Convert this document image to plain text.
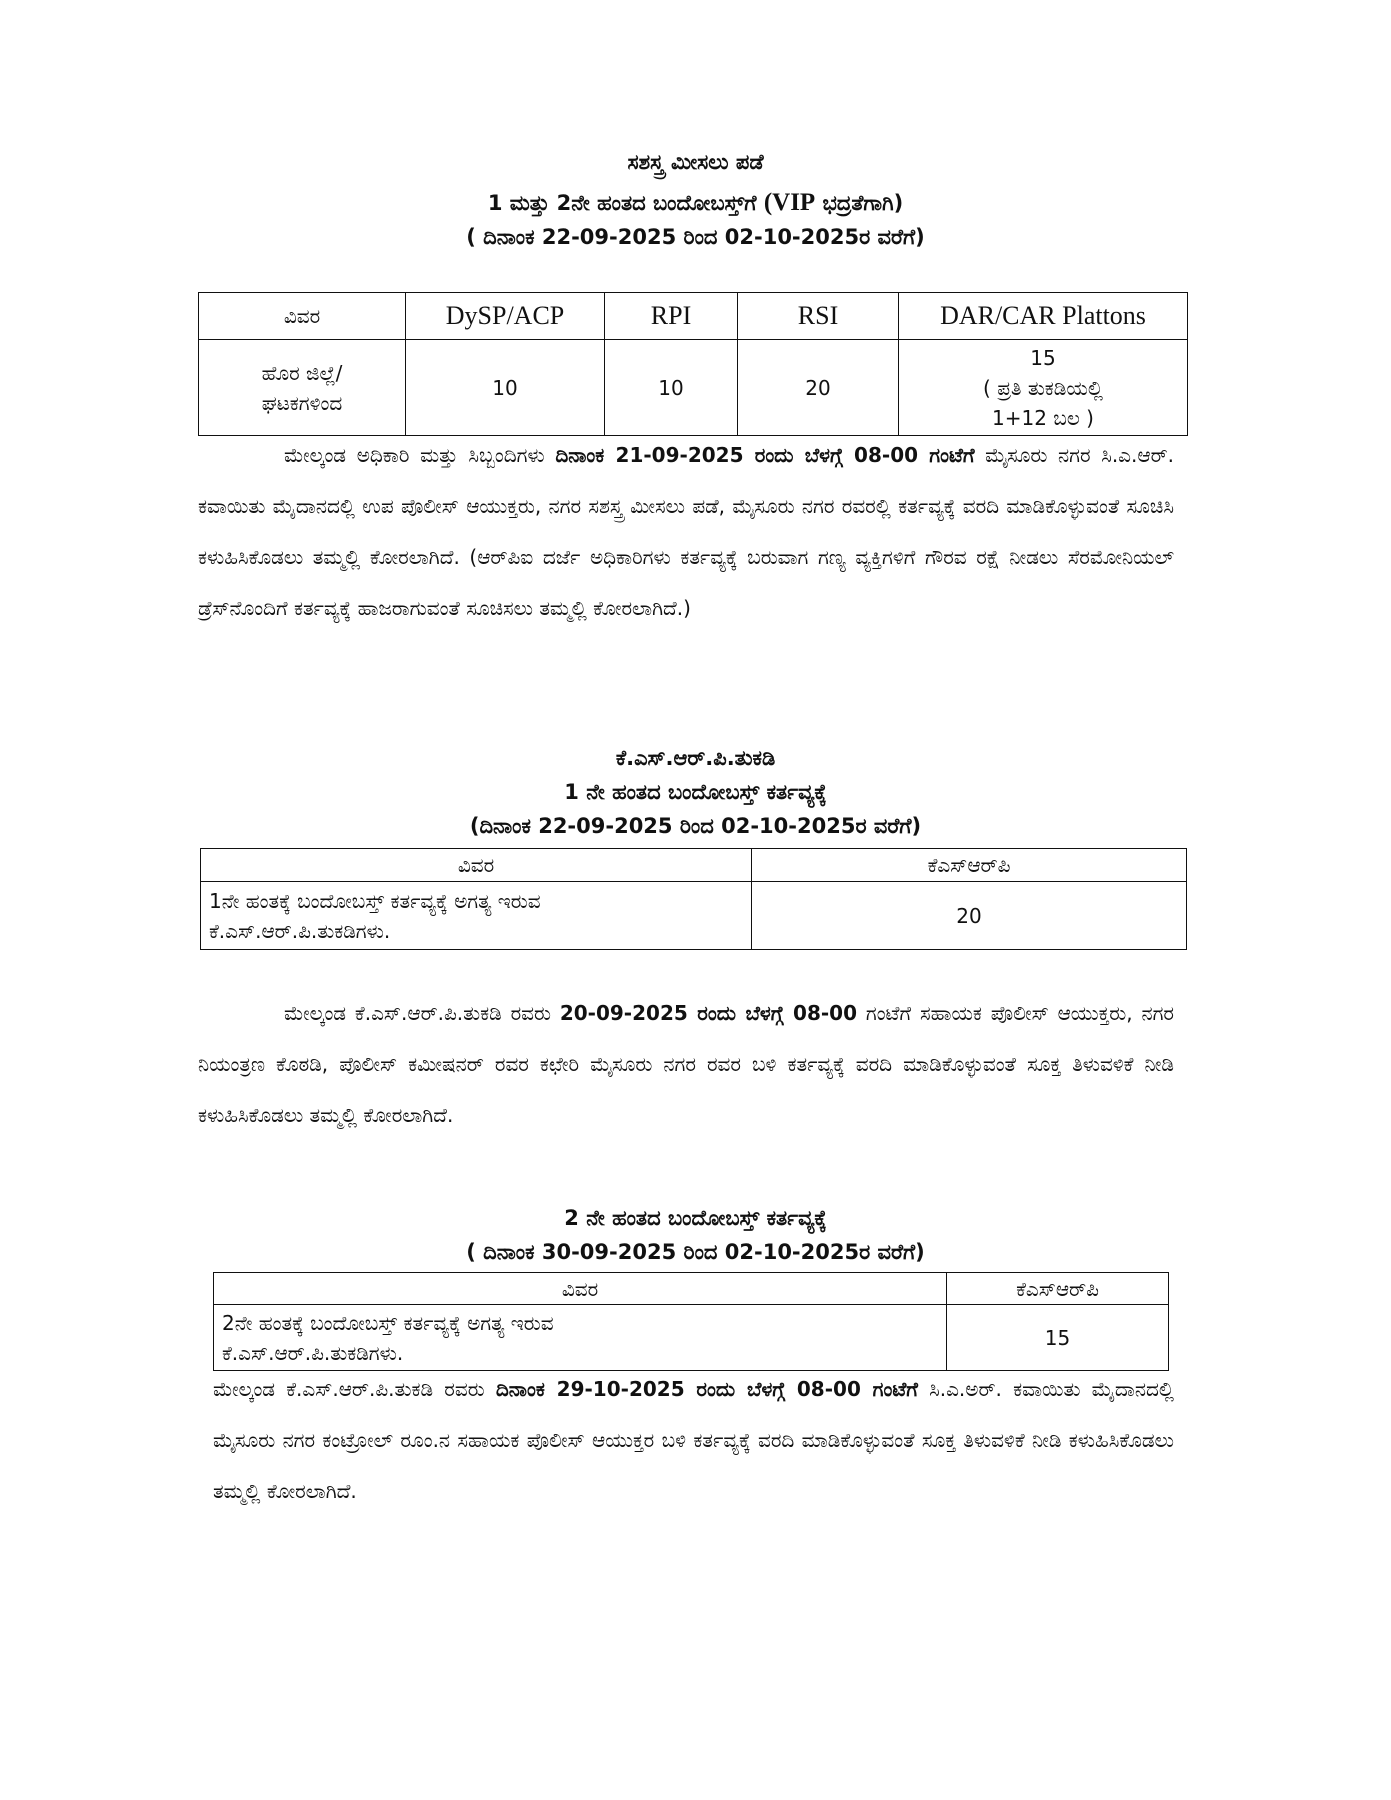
ಸಶಸ್ತ್ರ ಮೀಸಲು ಪಡೆ
1 ಮತ್ತು 2ನೇ ಹಂತದ ಬಂದೋಬಸ್ತ್‌ಗೆ (VIP ಭದ್ರತೆಗಾಗಿ)
( ದಿನಾಂಕ 22-09-2025 ರಿಂದ 02-10-2025ರ ವರೆಗೆ)
ವಿವರ	DySP/ACP	RPI	RSI	DAR/CAR Plattons

ಹೊರ ಜಿಲ್ಲೆ/
ಘಟಕಗಳಿಂದ	10	10	20	15
( ಪ್ರತಿ ತುಕಡಿಯಲ್ಲಿ
1+12 ಬಲ )
ಮೇಲ್ಕಂಡ ಅಧಿಕಾರಿ ಮತ್ತು ಸಿಬ್ಬಂದಿಗಳು ದಿನಾಂಕ 21-09-2025 ರಂದು ಬೆಳಗ್ಗೆ 08-00 ಗಂಟೆಗೆ ಮೈಸೂರು ನಗರ ಸಿ.ಎ.ಆರ್. ಕವಾಯಿತು ಮೈದಾನದಲ್ಲಿ ಉಪ ಪೊಲೀಸ್ ಆಯುಕ್ತರು, ನಗರ ಸಶಸ್ತ್ರ ಮೀಸಲು ಪಡೆ, ಮೈಸೂರು ನಗರ ರವರಲ್ಲಿ ಕರ್ತವ್ಯಕ್ಕೆ ವರದಿ ಮಾಡಿಕೊಳ್ಳುವಂತೆ ಸೂಚಿಸಿ ಕಳುಹಿಸಿಕೊಡಲು ತಮ್ಮಲ್ಲಿ ಕೋರಲಾಗಿದೆ. (ಆರ್‌ಪಿಐ ದರ್ಜೆ ಅಧಿಕಾರಿಗಳು ಕರ್ತವ್ಯಕ್ಕೆ ಬರುವಾಗ ಗಣ್ಯ ವ್ಯಕ್ತಿಗಳಿಗೆ ಗೌರವ ರಕ್ಷೆ ನೀಡಲು ಸೆರಮೋನಿಯಲ್ ಡ್ರೆಸ್‌ನೊಂದಿಗೆ ಕರ್ತವ್ಯಕ್ಕೆ ಹಾಜರಾಗುವಂತೆ ಸೂಚಿಸಲು ತಮ್ಮಲ್ಲಿ ಕೋರಲಾಗಿದೆ.)
ಕೆ.ಎಸ್.ಆರ್.ಪಿ.ತುಕಡಿ
1 ನೇ ಹಂತದ ಬಂದೋಬಸ್ತ್ ಕರ್ತವ್ಯಕ್ಕೆ
(ದಿನಾಂಕ 22-09-2025 ರಿಂದ 02-10-2025ರ ವರೆಗೆ)
ವಿವರ	ಕೆಎಸ್‌ಆರ್‌ಪಿ

1ನೇ ಹಂತಕ್ಕೆ ಬಂದೋಬಸ್ತ್ ಕರ್ತವ್ಯಕ್ಕೆ ಅಗತ್ಯ ಇರುವ
ಕೆ.ಎಸ್.ಆರ್.ಪಿ.ತುಕಡಿಗಳು.	20
ಮೇಲ್ಕಂಡ ಕೆ.ಎಸ್.ಆರ್.ಪಿ.ತುಕಡಿ ರವರು 20-09-2025 ರಂದು ಬೆಳಗ್ಗೆ 08-00 ಗಂಟೆಗೆ ಸಹಾಯಕ ಪೊಲೀಸ್ ಆಯುಕ್ತರು, ನಗರ ನಿಯಂತ್ರಣ ಕೊಠಡಿ, ಪೊಲೀಸ್ ಕಮೀಷನರ್ ರವರ ಕಛೇರಿ ಮೈಸೂರು ನಗರ ರವರ ಬಳಿ ಕರ್ತವ್ಯಕ್ಕೆ ವರದಿ ಮಾಡಿಕೊಳ್ಳುವಂತೆ ಸೂಕ್ತ ತಿಳುವಳಿಕೆ ನೀಡಿ ಕಳುಹಿಸಿಕೊಡಲು ತಮ್ಮಲ್ಲಿ ಕೋರಲಾಗಿದೆ.
2 ನೇ ಹಂತದ ಬಂದೋಬಸ್ತ್ ಕರ್ತವ್ಯಕ್ಕೆ
( ದಿನಾಂಕ 30-09-2025 ರಿಂದ 02-10-2025ರ ವರೆಗೆ)
ವಿವರ	ಕೆಎಸ್‌ಆರ್‌ಪಿ

2ನೇ ಹಂತಕ್ಕೆ ಬಂದೋಬಸ್ತ್ ಕರ್ತವ್ಯಕ್ಕೆ ಅಗತ್ಯ ಇರುವ
ಕೆ.ಎಸ್.ಆರ್.ಪಿ.ತುಕಡಿಗಳು.	15
ಮೇಲ್ಕಂಡ ಕೆ.ಎಸ್.ಆರ್.ಪಿ.ತುಕಡಿ ರವರು ದಿನಾಂಕ 29-10-2025 ರಂದು ಬೆಳಗ್ಗೆ 08-00 ಗಂಟೆಗೆ ಸಿ.ಎ.ಅರ್. ಕವಾಯಿತು ಮೈದಾನದಲ್ಲಿ ಮೈಸೂರು ನಗರ ಕಂಟ್ರೋಲ್ ರೂಂ.ನ ಸಹಾಯಕ ಪೊಲೀಸ್ ಆಯುಕ್ತರ ಬಳಿ ಕರ್ತವ್ಯಕ್ಕೆ ವರದಿ ಮಾಡಿಕೊಳ್ಳುವಂತೆ ಸೂಕ್ತ ತಿಳುವಳಿಕೆ ನೀಡಿ ಕಳುಹಿಸಿಕೊಡಲು ತಮ್ಮಲ್ಲಿ ಕೋರಲಾಗಿದೆ.
